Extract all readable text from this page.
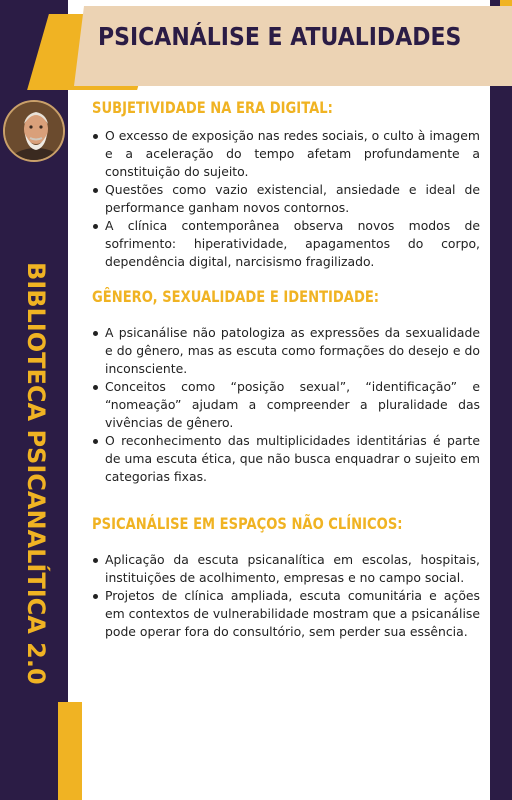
PSICANÁLISE E ATUALIDADES
BIBLIOTECA PSICANALÍTICA 2.0
SUBJETIVIDADE NA ERA DIGITAL:
O excesso de exposição nas redes sociais, o culto à imagem e a aceleração do tempo afetam profundamente a constituição do sujeito.
Questões como vazio existencial, ansiedade e ideal de performance ganham novos contornos.
A clínica contemporânea observa novos modos de sofrimento: hiperatividade, apagamentos do corpo, dependência digital, narcisismo fragilizado.
GÊNERO, SEXUALIDADE E IDENTIDADE:
A psicanálise não patologiza as expressões da sexualidade e do gênero, mas as escuta como formações do desejo e do inconsciente.
Conceitos como “posição sexual”, “identificação” e “nomeação” ajudam a compreender a pluralidade das vivências de gênero.
O reconhecimento das multiplicidades identitárias é parte de uma escuta ética, que não busca enquadrar o sujeito em categorias fixas.
PSICANÁLISE EM ESPAÇOS NÃO CLÍNICOS:
Aplicação da escuta psicanalítica em escolas, hospitais, instituições de acolhimento, empresas e no campo social.
Projetos de clínica ampliada, escuta comunitária e ações em contextos de vulnerabilidade mostram que a psicanálise pode operar fora do consultório, sem perder sua essência.
